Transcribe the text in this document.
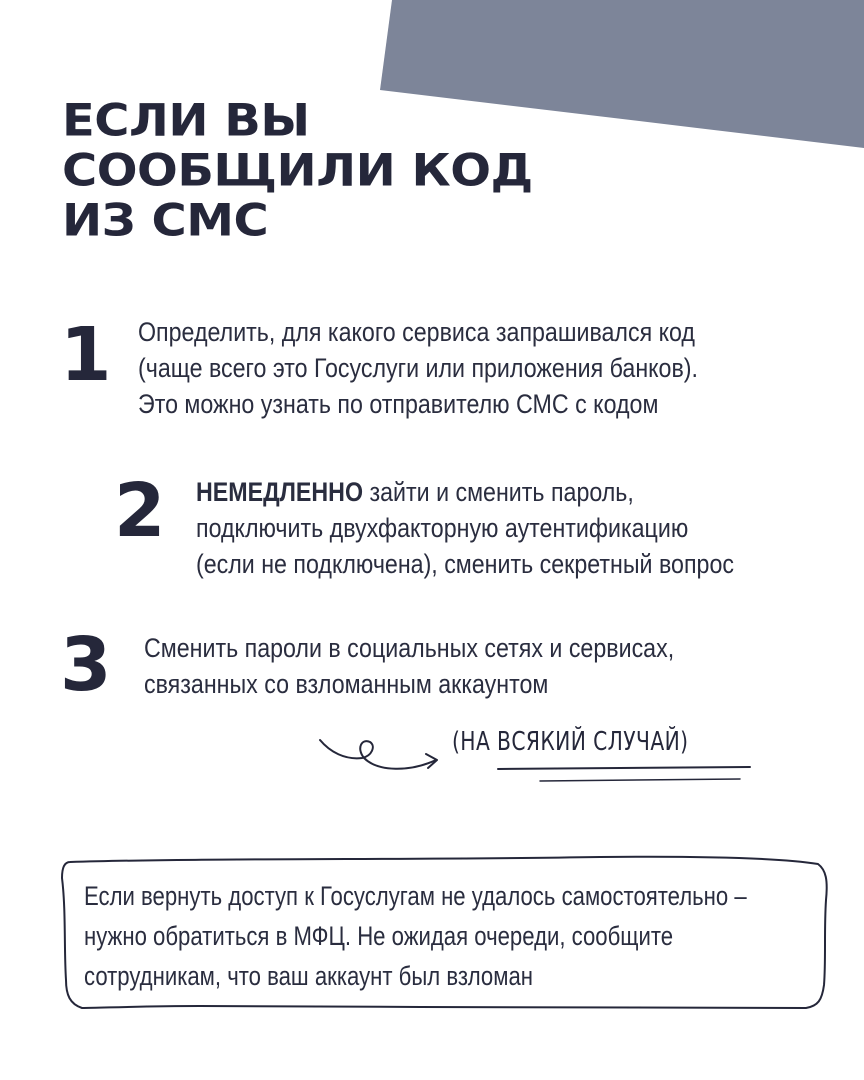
ЕСЛИ ВЫ
СООБЩИЛИ КОД
ИЗ СМС
1 Определить, для какого сервиса запрашивался код
(чаще всего это Госуслуги или приложения банков).
Это можно узнать по отправителю СМС с кодом
2 НЕМЕДЛЕННО зайти и сменить пароль,
подключить двухфакторную аутентификацию
(если не подключена), сменить секретный вопрос
3 Сменить пароли в социальных сетях и сервисах,
связанных со взломанным аккаунтом
(НА ВСЯКИЙ СЛУЧАЙ)
Если вернуть доступ к Госуслугам не удалось самостоятельно –
нужно обратиться в МФЦ. Не ожидая очереди, сообщите
сотрудникам, что ваш аккаунт был взломан
